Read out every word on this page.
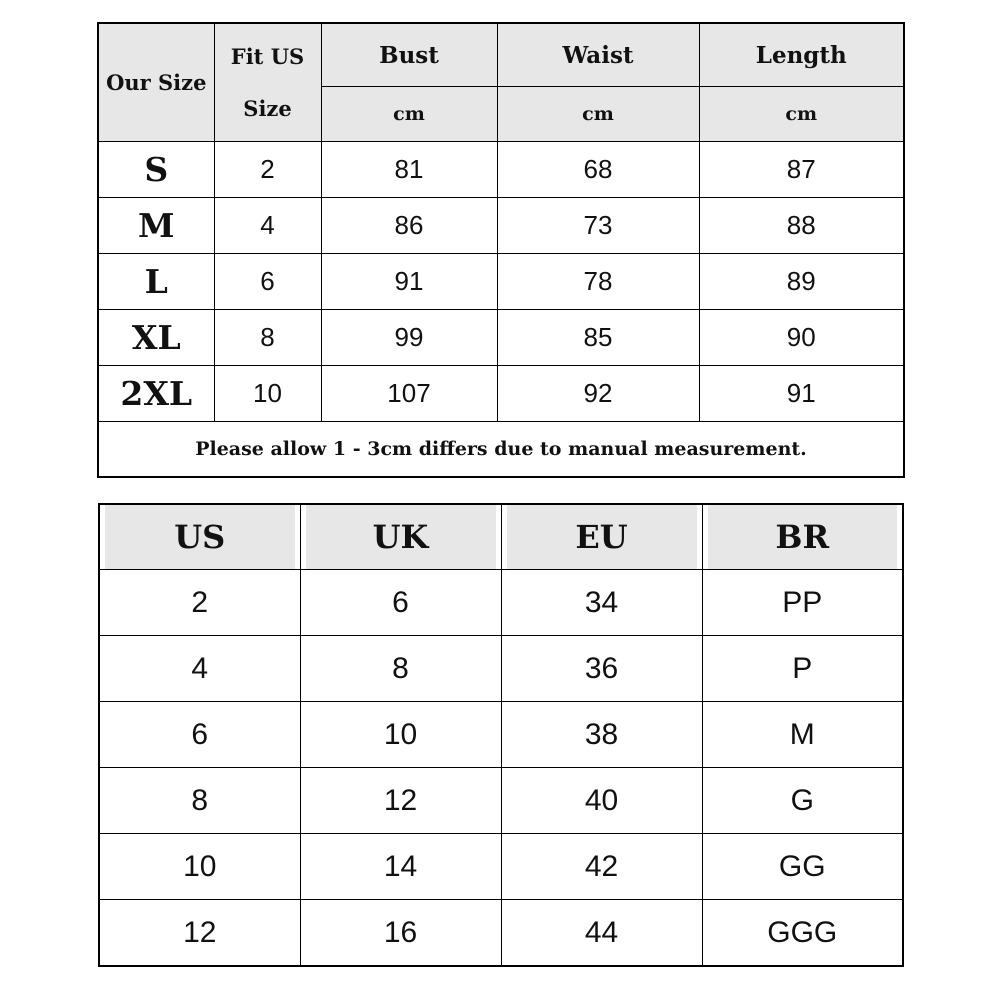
Our Size	Fit US Size	Bust	Waist	Length
		cm	cm	cm
S	2	81	68	87
M	4	86	73	88
L	6	91	78	89
XL	8	99	85	90
2XL	10	107	92	91
Please allow 1 - 3cm differs due to manual measurement.				
US	UK	EU	BR
2	6	34	PP
4	8	36	P
6	10	38	M
8	12	40	G
10	14	42	GG
12	16	44	GGG
